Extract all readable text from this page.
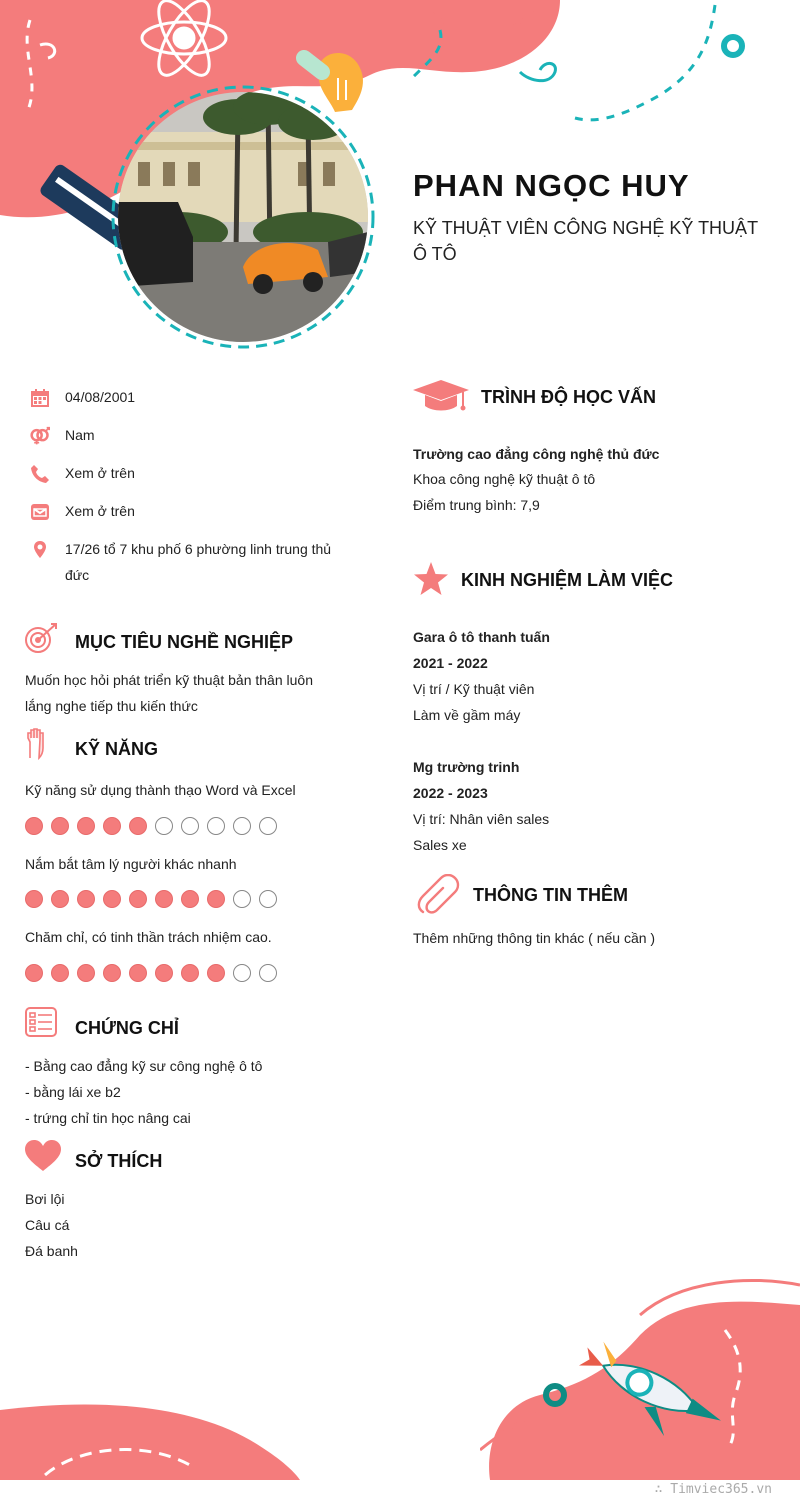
PHAN NGỌC HUY
KỸ THUẬT VIÊN CÔNG NGHỆ KỸ THUẬT Ô TÔ
04/08/2001
Nam
Xem ở trên
Xem ở trên
17/26 tổ 7 khu phố 6 phường linh trung thủ đức
MỤC TIÊU NGHỀ NGHIỆP
Muốn học hỏi phát triển kỹ thuật bản thân luôn lắng nghe tiếp thu kiến thức
KỸ NĂNG
Kỹ năng sử dụng thành thạo Word và Excel
Nắm bắt tâm lý người khác nhanh
Chăm chỉ, có tinh thần trách nhiệm cao.
CHỨNG CHỈ
- Bằng cao đẳng kỹ sư công nghệ ô tô
- bằng lái xe b2
- trứng chỉ tin học nâng cai
SỞ THÍCH
Bơi lội
Câu cá
Đá banh
TRÌNH ĐỘ HỌC VẤN
Trường cao đẳng công nghệ thủ đức
Khoa công nghệ kỹ thuật ô tô
Điểm trung bình: 7,9
KINH NGHIỆM LÀM VIỆC
Gara ô tô thanh tuấn
2021 - 2022
Vị trí / Kỹ thuật viên
Làm về gầm máy
Mg trường trinh
2022 - 2023
Vị trí: Nhân viên sales
Sales xe
THÔNG TIN THÊM
Thêm những thông tin khác ( nếu cần )
∴ Timviec365.vn
